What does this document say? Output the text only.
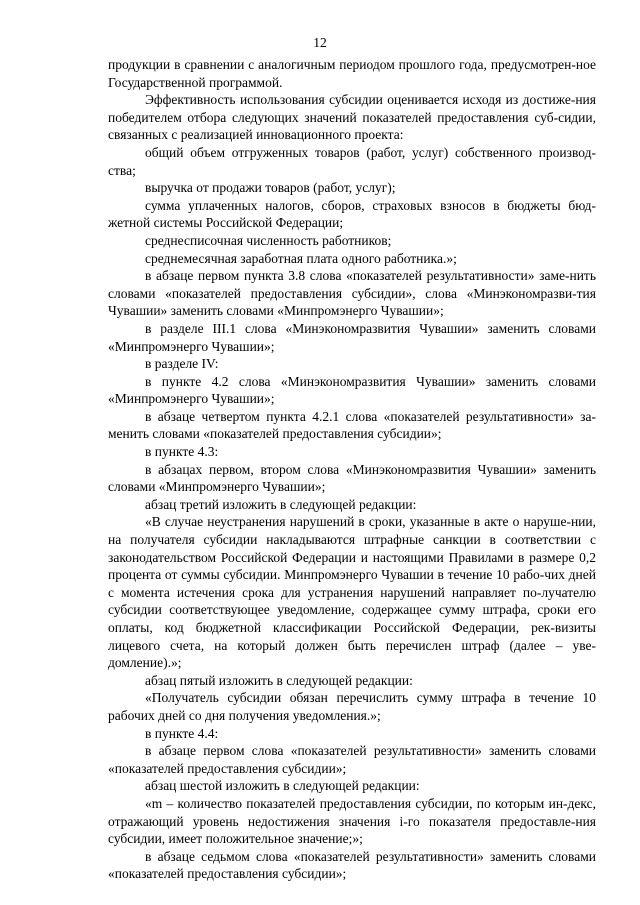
12

продукции в сравнении с аналогичным периодом прошлого года, предусмотрен-ное Государственной программой.

Эффективность использования субсидии оценивается исходя из достиже-ния победителем отбора следующих значений показателей предоставления суб-сидии, связанных с реализацией инновационного проекта:

общий объем отгруженных товаров (работ, услуг) собственного производ-ства;

выручка от продажи товаров (работ, услуг);

сумма уплаченных налогов, сборов, страховых взносов в бюджеты бюд-жетной системы Российской Федерации;

среднесписочная численность работников;

среднемесячная заработная плата одного работника.»;

в абзаце первом пункта 3.8 слова «показателей результативности» заме-нить словами «показателей предоставления субсидии», слова «Минэкономразви-тия Чувашии» заменить словами «Минпромэнерго Чувашии»;

в разделе III.1 слова «Минэкономразвития Чувашии» заменить словами «Минпромэнерго Чувашии»;

в разделе IV:

в пункте 4.2 слова «Минэкономразвития Чувашии» заменить словами «Минпромэнерго Чувашии»;

в абзаце четвертом пункта 4.2.1 слова «показателей результативности» за-менить словами «показателей предоставления субсидии»;

в пункте 4.3:

в абзацах первом, втором слова «Минэкономразвития Чувашии» заменить словами «Минпромэнерго Чувашии»;

абзац третий изложить в следующей редакции:

«В случае неустранения нарушений в сроки, указанные в акте о наруше-нии, на получателя субсидии накладываются штрафные санкции в соответствии с законодательством Российской Федерации и настоящими Правилами в размере 0,2 процента от суммы субсидии. Минпромэнерго Чувашии в течение 10 рабо-чих дней с момента истечения срока для устранения нарушений направляет по-лучателю субсидии соответствующее уведомление, содержащее сумму штрафа, сроки его оплаты, код бюджетной классификации Российской Федерации, рек-визиты лицевого счета, на который должен быть перечислен штраф (далее – уве-домление).»;

абзац пятый изложить в следующей редакции:

«Получатель субсидии обязан перечислить сумму штрафа в течение 10 рабочих дней со дня получения уведомления.»;

в пункте 4.4:

в абзаце первом слова «показателей результативности» заменить словами «показателей предоставления субсидии»;

абзац шестой изложить в следующей редакции:

«m – количество показателей предоставления субсидии, по которым ин-декс, отражающий уровень недостижения значения i-го показателя предоставле-ния субсидии, имеет положительное значение;»;

в абзаце седьмом слова «показателей результативности» заменить словами «показателей предоставления субсидии»;
